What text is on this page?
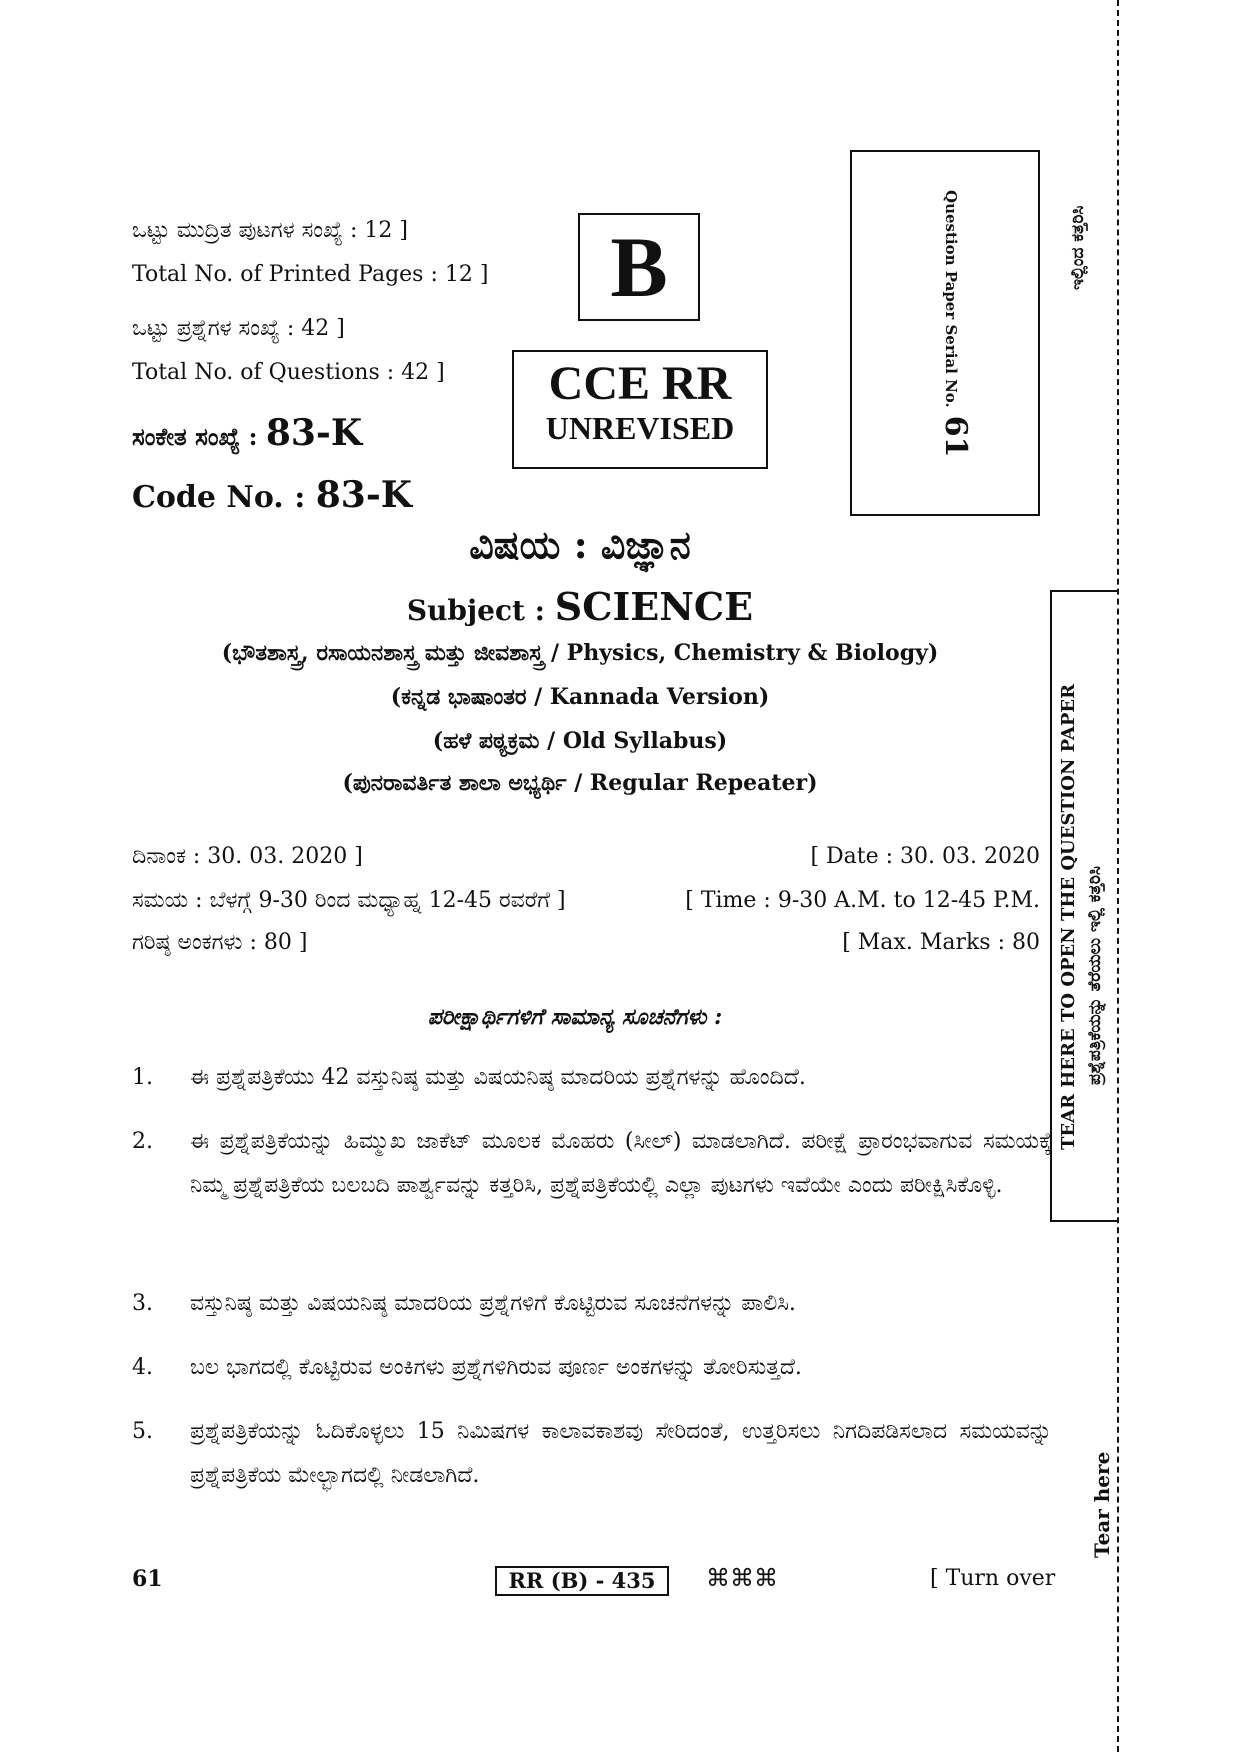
ಒಟ್ಟು ಮುದ್ರಿತ ಪುಟಗಳ ಸಂಖ್ಯೆ : 12 ]
Total No. of Printed Pages : 12 ]
ಒಟ್ಟು ಪ್ರಶ್ನೆಗಳ ಸಂಖ್ಯೆ : 42 ]
Total No. of Questions : 42 ]
ಸಂಕೇತ ಸಂಖ್ಯೆ : 83-K
Code No. : 83-K
B
CCE RR
UNREVISED
Question Paper Serial No.61
ಇಲ್ಲಿಂದ ಕತ್ತರಿಸಿ
TEAR HERE TO OPEN THE QUESTION PAPER ಪ್ರಶ್ನೆಪತ್ರಿಕೆಯನ್ನು ತೆರೆಯಲು ಇಲ್ಲಿ ಕತ್ತರಿಸಿ
Tear here
ವಿಷಯ : ವಿಜ್ಞಾನ
Subject : SCIENCE
(ಭೌತಶಾಸ್ತ್ರ, ರಸಾಯನಶಾಸ್ತ್ರ ಮತ್ತು ಜೀವಶಾಸ್ತ್ರ / Physics, Chemistry & Biology)
(ಕನ್ನಡ ಭಾಷಾಂತರ / Kannada Version)
(ಹಳೆ ಪಠ್ಯಕ್ರಮ / Old Syllabus)
(ಪುನರಾವರ್ತಿತ ಶಾಲಾ ಅಭ್ಯರ್ಥಿ / Regular Repeater)
ದಿನಾಂಕ : 30. 03. 2020 ]	[ Date : 30. 03. 2020
ಸಮಯ : ಬೆಳಗ್ಗೆ 9-30 ರಿಂದ ಮಧ್ಯಾಹ್ನ 12-45 ರವರೆಗೆ ]	[ Time : 9-30 A.M. to 12-45 P.M.
ಗರಿಷ್ಠ ಅಂಕಗಳು : 80 ]	[ Max. Marks : 80
ಪರೀಕ್ಷಾರ್ಥಿಗಳಿಗೆ ಸಾಮಾನ್ಯ ಸೂಚನೆಗಳು :
1. ಈ ಪ್ರಶ್ನೆಪತ್ರಿಕೆಯು 42 ವಸ್ತುನಿಷ್ಠ ಮತ್ತು ವಿಷಯನಿಷ್ಠ ಮಾದರಿಯ ಪ್ರಶ್ನೆಗಳನ್ನು ಹೊಂದಿದೆ.
2. ಈ ಪ್ರಶ್ನೆಪತ್ರಿಕೆಯನ್ನು ಹಿಮ್ಮುಖ ಜಾಕೆಟ್ ಮೂಲಕ ಮೊಹರು (ಸೀಲ್) ಮಾಡಲಾಗಿದೆ. ಪರೀಕ್ಷೆ ಪ್ರಾರಂಭವಾಗುವ ಸಮಯಕ್ಕೆ ನಿಮ್ಮ ಪ್ರಶ್ನೆಪತ್ರಿಕೆಯ ಬಲಬದಿ ಪಾರ್ಶ್ವವನ್ನು ಕತ್ತರಿಸಿ, ಪ್ರಶ್ನೆಪತ್ರಿಕೆಯಲ್ಲಿ ಎಲ್ಲಾ ಪುಟಗಳು ಇವೆಯೇ ಎಂದು ಪರೀಕ್ಷಿಸಿಕೊಳ್ಳಿ.
3. ವಸ್ತುನಿಷ್ಠ ಮತ್ತು ವಿಷಯನಿಷ್ಠ ಮಾದರಿಯ ಪ್ರಶ್ನೆಗಳಿಗೆ ಕೊಟ್ಟಿರುವ ಸೂಚನೆಗಳನ್ನು ಪಾಲಿಸಿ.
4. ಬಲ ಭಾಗದಲ್ಲಿ ಕೊಟ್ಟಿರುವ ಅಂಕಿಗಳು ಪ್ರಶ್ನೆಗಳಿಗಿರುವ ಪೂರ್ಣ ಅಂಕಗಳನ್ನು ತೋರಿಸುತ್ತದೆ.
5. ಪ್ರಶ್ನೆಪತ್ರಿಕೆಯನ್ನು ಓದಿಕೊಳ್ಳಲು 15 ನಿಮಿಷಗಳ ಕಾಲಾವಕಾಶವು ಸೇರಿದಂತೆ, ಉತ್ತರಿಸಲು ನಿಗದಿಪಡಿಸಲಾದ ಸಮಯವನ್ನು ಪ್ರಶ್ನೆಪತ್ರಿಕೆಯ ಮೇಲ್ಭಾಗದಲ್ಲಿ ನೀಡಲಾಗಿದೆ.
61	RR (B) - 435	⌘⌘⌘	[ Turn over
